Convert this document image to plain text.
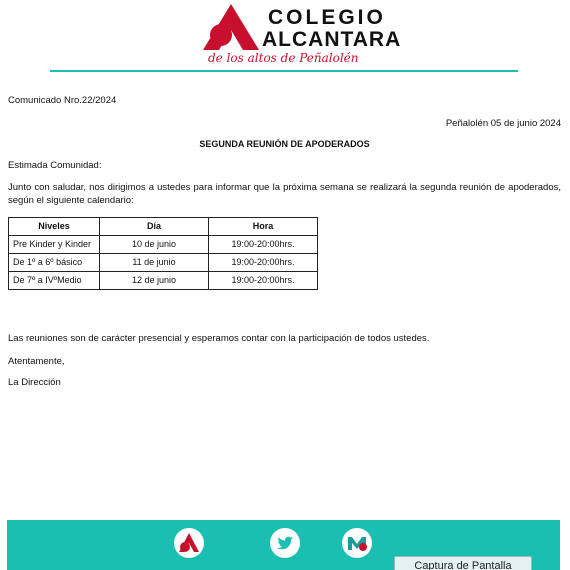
COLEGIO
ALCANTARA
de los altos de Peñalolén
Comunicado Nro.22/2024
Peñalolén 05 de junio 2024
SEGUNDA REUNIÓN DE APODERADOS
Estimada Comunidad:
Junto con saludar, nos dirigimos a ustedes para informar que la próxima semana se realizará la segunda reunión de apoderados, según el siguiente calendario:
Niveles	Día	Hora
Pre Kinder y Kinder	10 de junio	19:00-20:00hrs.
De 1º a 6º básico	11 de junio	19:00-20:00hrs.
De 7º a IVºMedio	12 de junio	19:00-20:00hrs.
Las reuniones son de carácter presencial y esperamos contar con la participación de todos ustedes.
Atentamente,
La Dirección
Captura de Pantalla
